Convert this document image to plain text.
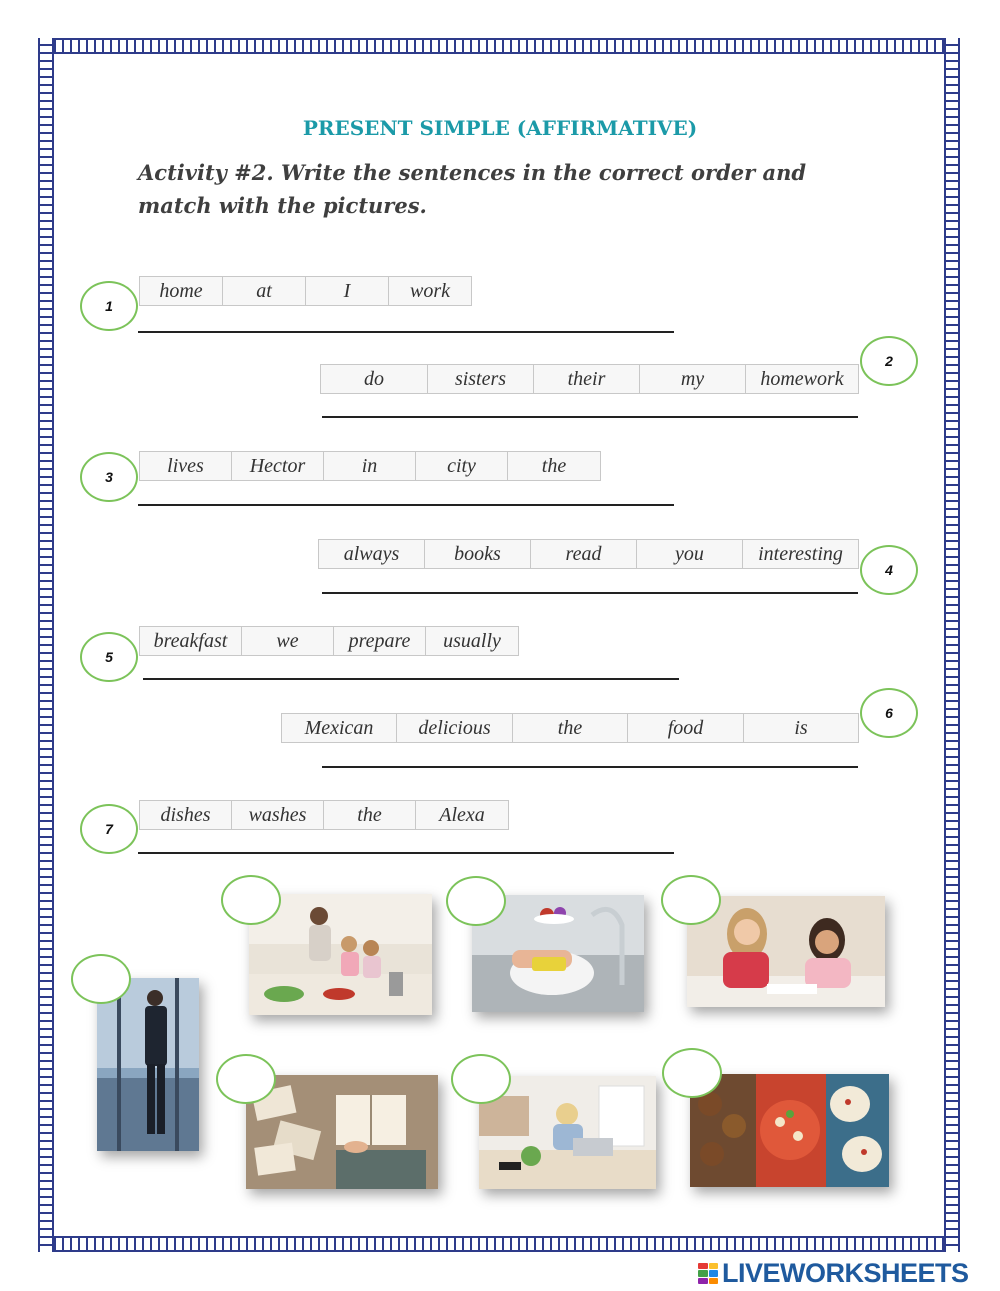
PRESENT SIMPLE (AFFIRMATIVE)
Activity #2. Write the sentences in the correct order and match with the pictures.
1
home	at	I	work
2
do	sisters	their	my	homework
3
lives	Hector	in	city	the
4
always	books	read	you	interesting
5
breakfast	we	prepare	usually
6
Mexican	delicious	the	food	is
7
dishes	washes	the	Alexa
LIVEWORKSHEETS
